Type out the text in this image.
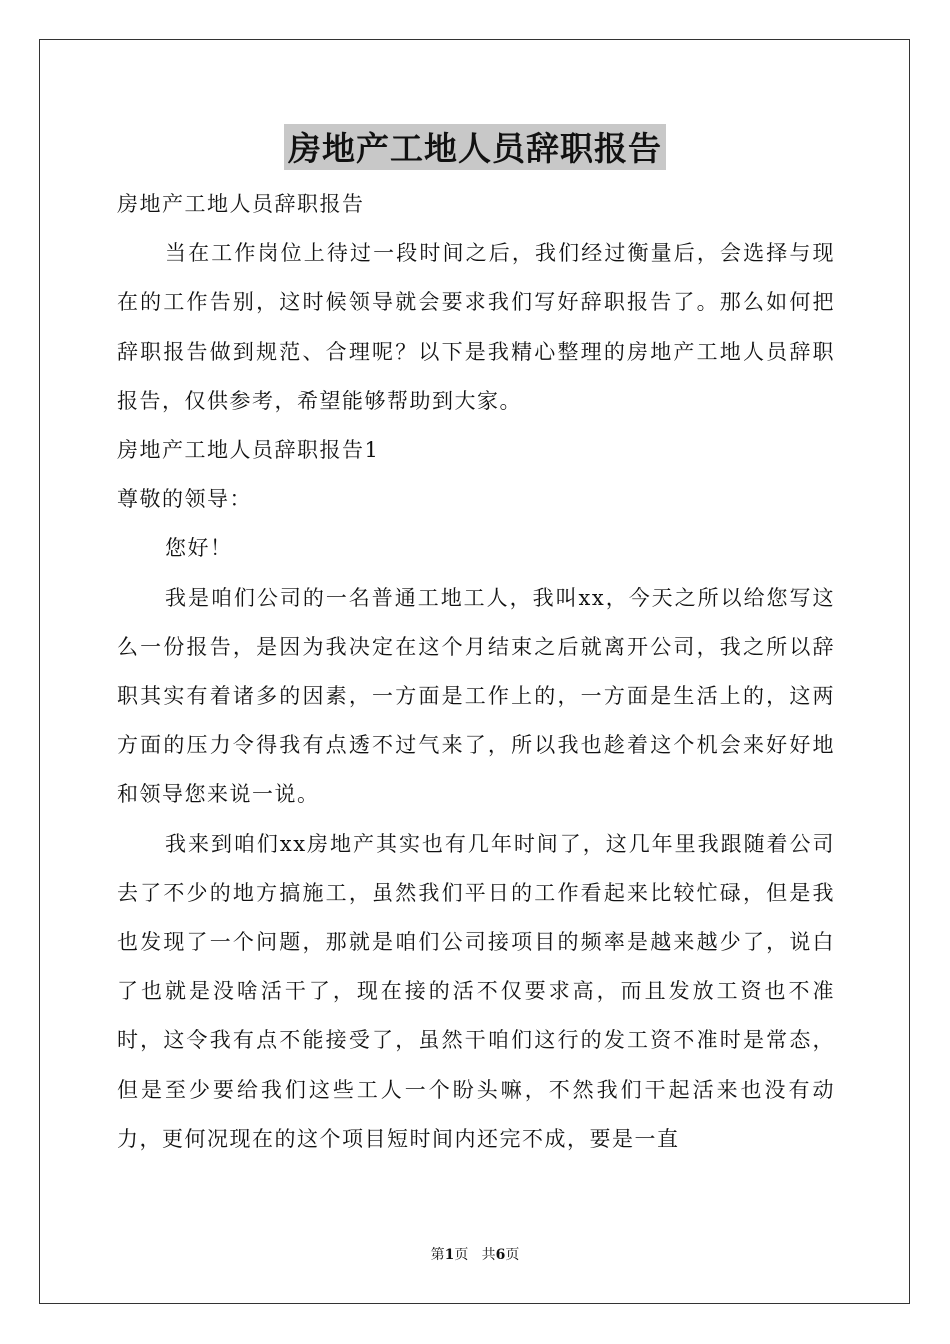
房地产工地人员辞职报告

房地产工地人员辞职报告

当在工作岗位上待过一段时间之后，我们经过衡量后，会选择与现在的工作告别，这时候领导就会要求我们写好辞职报告了。那么如何把辞职报告做到规范、合理呢？以下是我精心整理的房地产工地人员辞职报告，仅供参考，希望能够帮助到大家。

房地产工地人员辞职报告1

尊敬的领导：

您好！

我是咱们公司的一名普通工地工人，我叫xx，今天之所以给您写这么一份报告，是因为我决定在这个月结束之后就离开公司，我之所以辞职其实有着诸多的因素，一方面是工作上的，一方面是生活上的，这两方面的压力令得我有点透不过气来了，所以我也趁着这个机会来好好地和领导您来说一说。

我来到咱们xx房地产其实也有几年时间了，这几年里我跟随着公司去了不少的地方搞施工，虽然我们平日的工作看起来比较忙碌，但是我也发现了一个问题，那就是咱们公司接项目的频率是越来越少了，说白了也就是没啥活干了，现在接的活不仅要求高，而且发放工资也不准时，这令我有点不能接受了，虽然干咱们这行的发工资不准时是常态，但是至少要给我们这些工人一个盼头嘛，不然我们干起活来也没有动力，更何况现在的这个项目短时间内还完不成，要是一直

第1页 共6页
